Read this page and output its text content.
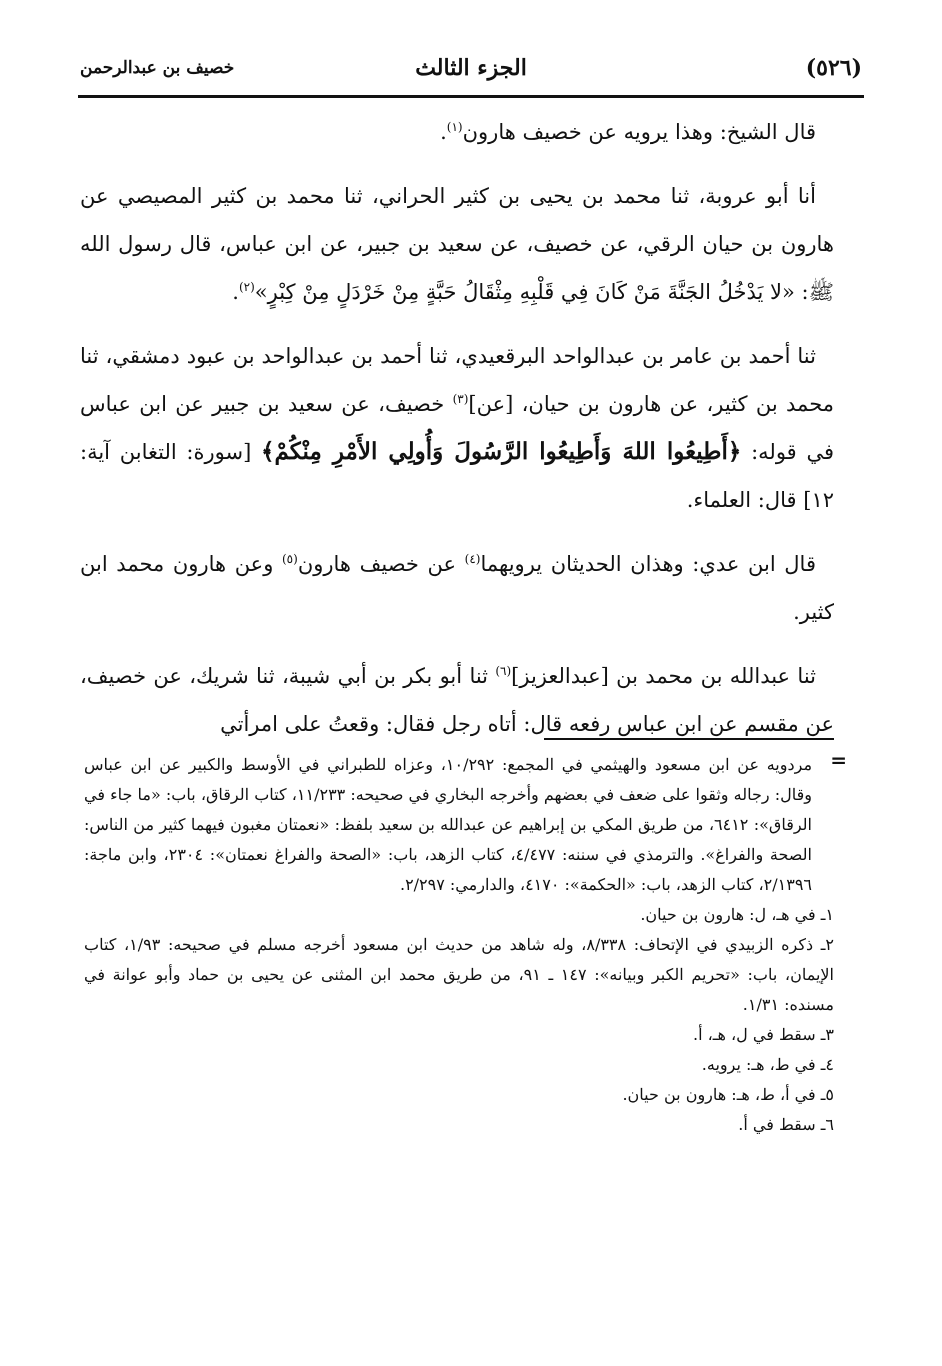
(٥٢٦)
الجزء الثالث
خصيف بن عبدالرحمن

قال الشيخ: وهذا يرويه عن خصيف هارون$^{(١)}$.

أنا أبو عروبة، ثنا محمد بن يحيى بن كثير الحراني، ثنا محمد بن كثير المصيصي عن هارون بن حيان الرقي، عن خصيف، عن سعيد بن جبير، عن ابن عباس، قال رسول الله ﷺ: «لا يَدْخُلُ الجَنَّةَ مَنْ كَانَ فِي قَلْبِهِ مِثْقَالُ حَبَّةٍ مِنْ خَرْدَلٍ مِنْ كِبْرٍ»$^{(٢)}$.

ثنا أحمد بن عامر بن عبدالواحد البرقعيدي، ثنا أحمد بن عبدالواحد بن عبود دمشقي، ثنا محمد بن كثير، عن هارون بن حيان، [عن]$^{(٣)}$ خصيف، عن سعيد بن جبير عن ابن عباس في قوله: ﴿أَطِيعُوا اللهَ وَأَطِيعُوا الرَّسُولَ وَأُولِي الأَمْرِ مِنْكُمْ﴾ [سورة: التغابن آية: ١٢] قال: العلماء.

قال ابن عدي: وهذان الحديثان يرويهما$^{(٤)}$ عن خصيف هارون$^{(٥)}$ وعن هارون محمد ابن كثير.

ثنا عبدالله بن محمد بن [عبدالعزيز]$^{(٦)}$ ثنا أبو بكر بن أبي شيبة، ثنا شريك، عن خصيف، عن مقسم عن ابن عباس رفعه قال: أتاه رجل فقال: وقعتُ على امرأتي

=

مردويه عن ابن مسعود والهيثمي في المجمع: ١٠/٢٩٢، وعزاه للطبراني في الأوسط والكبير عن ابن عباس وقال: رجاله وثقوا على ضعف في بعضهم وأخرجه البخاري في صحيحه: ١١/٢٣٣، كتاب الرقاق، باب: «ما جاء في الرقاق»: ٦٤١٢، من طريق المكي بن إبراهيم عن عبدالله بن سعيد بلفظ: «نعمتان مغبون فيهما كثير من الناس: الصحة والفراغ». والترمذي في سننه: ٤/٤٧٧، كتاب الزهد، باب: «الصحة والفراغ نعمتان»: ٢٣٠٤، وابن ماجة: ٢/١٣٩٦، كتاب الزهد، باب: «الحكمة»: ٤١٧٠، والدارمي: ٢/٢٩٧.

١ـ في هـ، ل: هارون بن حيان.

٢ـ ذكره الزبيدي في الإتحاف: ٨/٣٣٨، وله شاهد من حديث ابن مسعود أخرجه مسلم في صحيحه: ١/٩٣، كتاب الإيمان، باب: «تحريم الكبر وبيانه»: ١٤٧ ـ ٩١، من طريق محمد ابن المثنى عن يحيى بن حماد وأبو عوانة في مسنده: ١/٣١.

٣ـ سقط في ل، هـ، أ.

٤ـ في ط، هـ: يرويه.

٥ـ في أ، ط، هـ: هارون بن حيان.

٦ـ سقط في أ.
